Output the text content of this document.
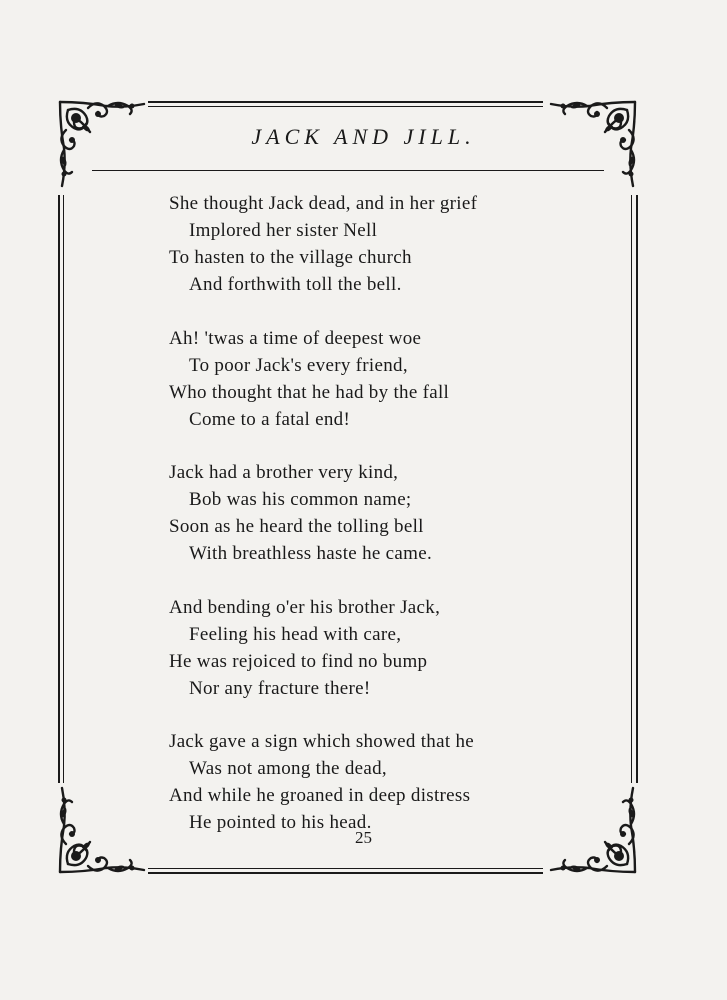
JACK AND JILL.
She thought Jack dead, and in her grief
Implored her sister Nell
To hasten to the village church
And forthwith toll the bell.
Ah! 'twas a time of deepest woe
To poor Jack's every friend,
Who thought that he had by the fall
Come to a fatal end!
Jack had a brother very kind,
Bob was his common name;
Soon as he heard the tolling bell
With breathless haste he came.
And bending o'er his brother Jack,
Feeling his head with care,
He was rejoiced to find no bump
Nor any fracture there!
Jack gave a sign which showed that he
Was not among the dead,
And while he groaned in deep distress
He pointed to his head.
25
